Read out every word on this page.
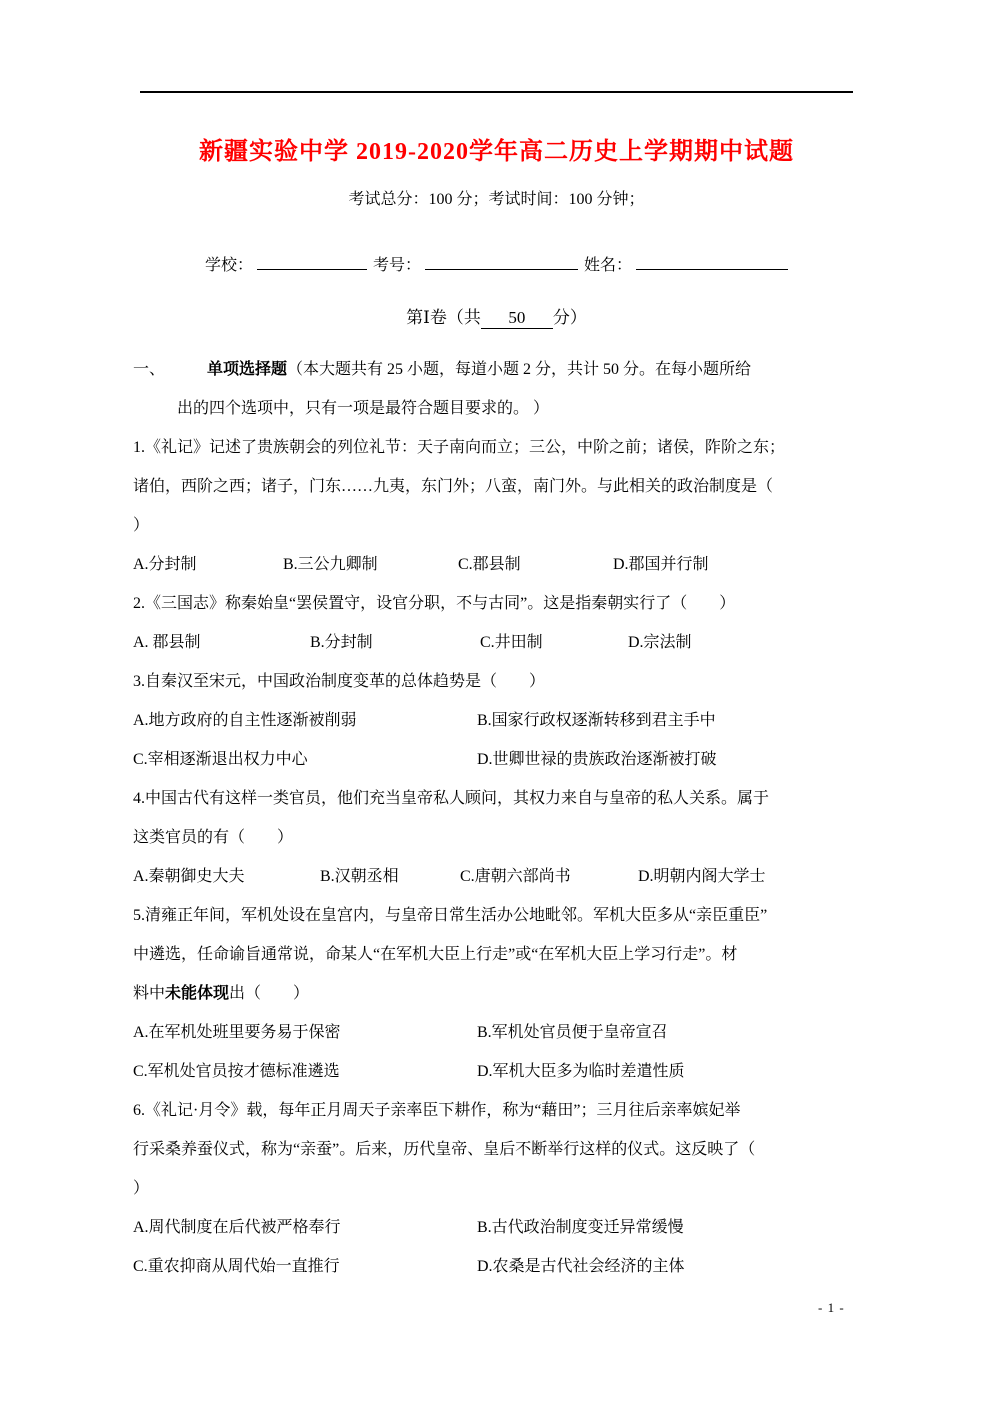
新疆实验中学 2019-2020学年高二历史上学期期中试题
考试总分：100 分；考试时间：100 分钟；
学校：	考号：	姓名：
第Ⅰ卷（共 50 分）
一、	单项选择题（本大题共有 25 小题，每道小题 2 分，共计 50 分。在每小题所给
出的四个选项中，只有一项是最符合题目要求的。 ）
1.《礼记》记述了贵族朝会的列位礼节：天子南向而立；三公，中阶之前；诸侯，阼阶之东；
诸伯，西阶之西；诸子，门东……九夷，东门外；八蛮，南门外。与此相关的政治制度是（
）
A.分封制	B.三公九卿制	C.郡县制	D.郡国并行制
2.《三国志》称秦始皇“罢侯置守，设官分职，不与古同”。这是指秦朝实行了（　　）
A. 郡县制	B.分封制	C.井田制	D.宗法制
3.自秦汉至宋元，中国政治制度变革的总体趋势是（　　）
A.地方政府的自主性逐渐被削弱	B.国家行政权逐渐转移到君主手中
C.宰相逐渐退出权力中心	D.世卿世禄的贵族政治逐渐被打破
4.中国古代有这样一类官员，他们充当皇帝私人顾问，其权力来自与皇帝的私人关系。属于
这类官员的有（　　）
A.秦朝御史大夫	B.汉朝丞相	C.唐朝六部尚书	D.明朝内阁大学士
5.清雍正年间，军机处设在皇宫内，与皇帝日常生活办公地毗邻。军机大臣多从“亲臣重臣”
中遴选，任命谕旨通常说，命某人“在军机大臣上行走”或“在军机大臣上学习行走”。材
料中未能体现出（　　）
A.在军机处班里要务易于保密	B.军机处官员便于皇帝宣召
C.军机处官员按才德标准遴选	D.军机大臣多为临时差遣性质
6.《礼记·月令》载，每年正月周天子亲率臣下耕作，称为“藉田”；三月往后亲率嫔妃举
行采桑养蚕仪式，称为“亲蚕”。后来，历代皇帝、皇后不断举行这样的仪式。这反映了（
）
A.周代制度在后代被严格奉行	B.古代政治制度变迁异常缓慢
C.重农抑商从周代始一直推行	D.农桑是古代社会经济的主体
- 1 -
